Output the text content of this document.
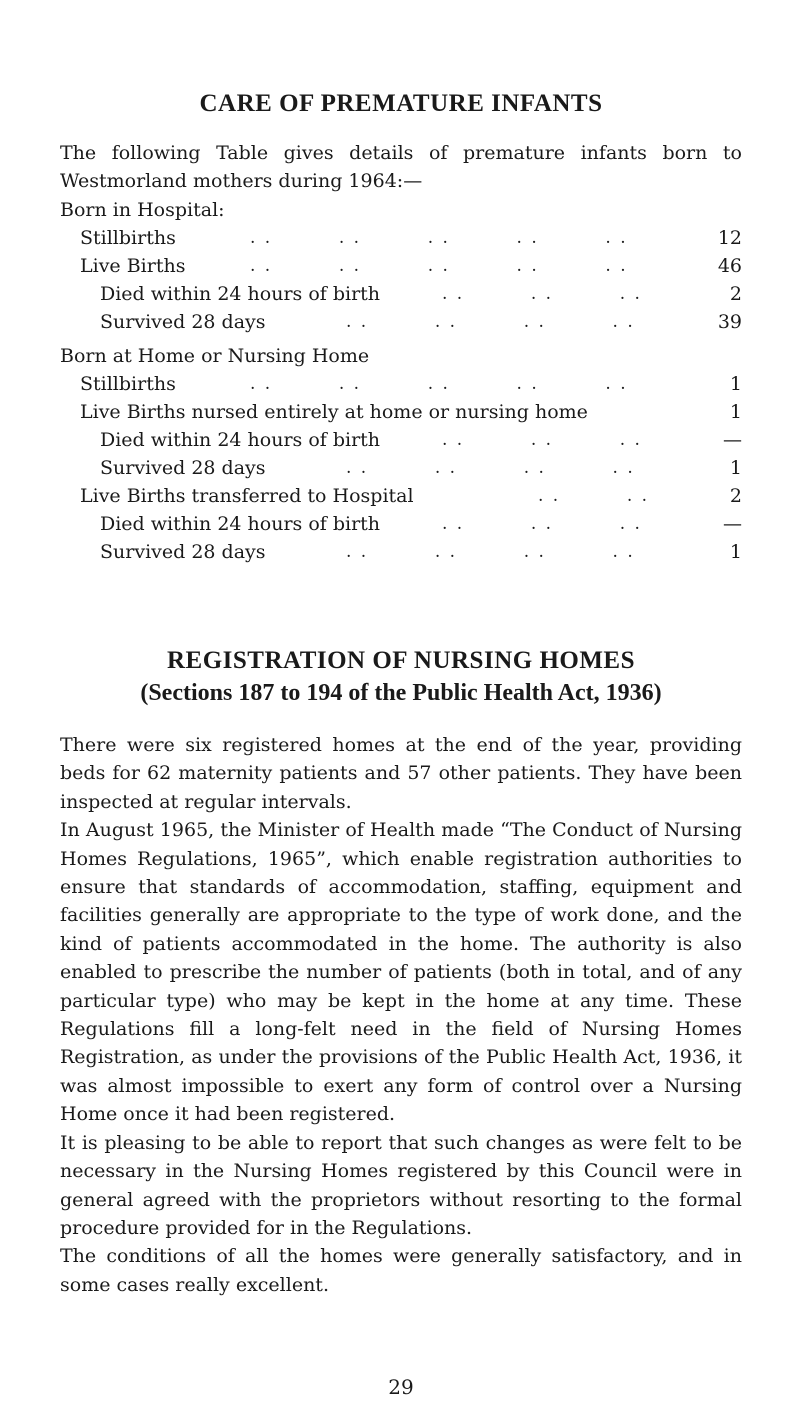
CARE OF PREMATURE INFANTS

The following Table gives details of premature infants born to Westmorland mothers during 1964:—

Born in Hospital:
Stillbirths	. .         . .         . .         . .         . .	12
Live Births	. .         . .         . .         . .         . .	46
Died within 24 hours of birth	. .         . .         . .	2
Survived 28 days	. .         . .         . .         . .	39
Born at Home or Nursing Home
Stillbirths	. .         . .         . .         . .         . .	1
Live Births nursed entirely at home or nursing home	1
Died within 24 hours of birth	. .         . .         . .	—
Survived 28 days	. .         . .         . .         . .	1
Live Births transferred to Hospital	. .         . .	2
Died within 24 hours of birth	. .         . .         . .	—
Survived 28 days	. .         . .         . .         . .	1
REGISTRATION OF NURSING HOMES
(Sections 187 to 194 of the Public Health Act, 1936)

There were six registered homes at the end of the year, providing beds for 62 maternity patients and 57 other patients. They have been inspected at regular intervals.

In August 1965, the Minister of Health made “The Conduct of Nursing Homes Regulations, 1965”, which enable registration authorities to ensure that standards of accommodation, staffing, equipment and facilities generally are appropriate to the type of work done, and the kind of patients accommodated in the home. The authority is also enabled to prescribe the number of patients (both in total, and of any particular type) who may be kept in the home at any time. These Regulations fill a long-felt need in the field of Nursing Homes Registration, as under the provisions of the Public Health Act, 1936, it was almost impossible to exert any form of control over a Nursing Home once it had been registered.

It is pleasing to be able to report that such changes as were felt to be necessary in the Nursing Homes registered by this Council were in general agreed with the proprietors without resorting to the formal procedure provided for in the Regulations.

The conditions of all the homes were generally satisfactory, and in some cases really excellent.

29
